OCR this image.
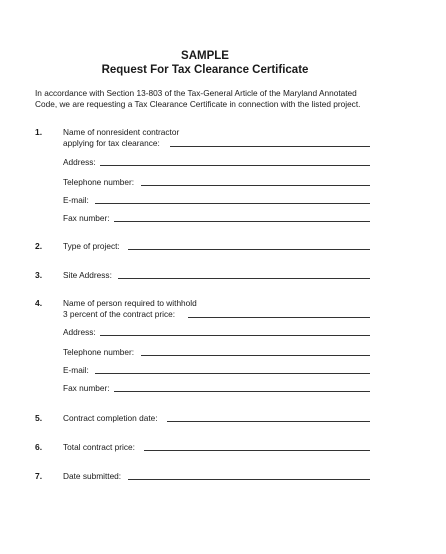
SAMPLE
Request For Tax Clearance Certificate
In accordance with Section 13-803 of the Tax-General Article of the Maryland Annotated Code, we are requesting a Tax Clearance Certificate in connection with the listed project.
1.	Name of nonresident contractor
applying for tax clearance:
Address:
Telephone number:
E-mail:
Fax number:
2.	Type of project:
3.	Site Address:
4.	Name of person required to withhold
3 percent of the contract price:
Address:
Telephone number:
E-mail:
Fax number:
5.	Contract completion date:
6.	Total contract price:
7.	Date submitted:
